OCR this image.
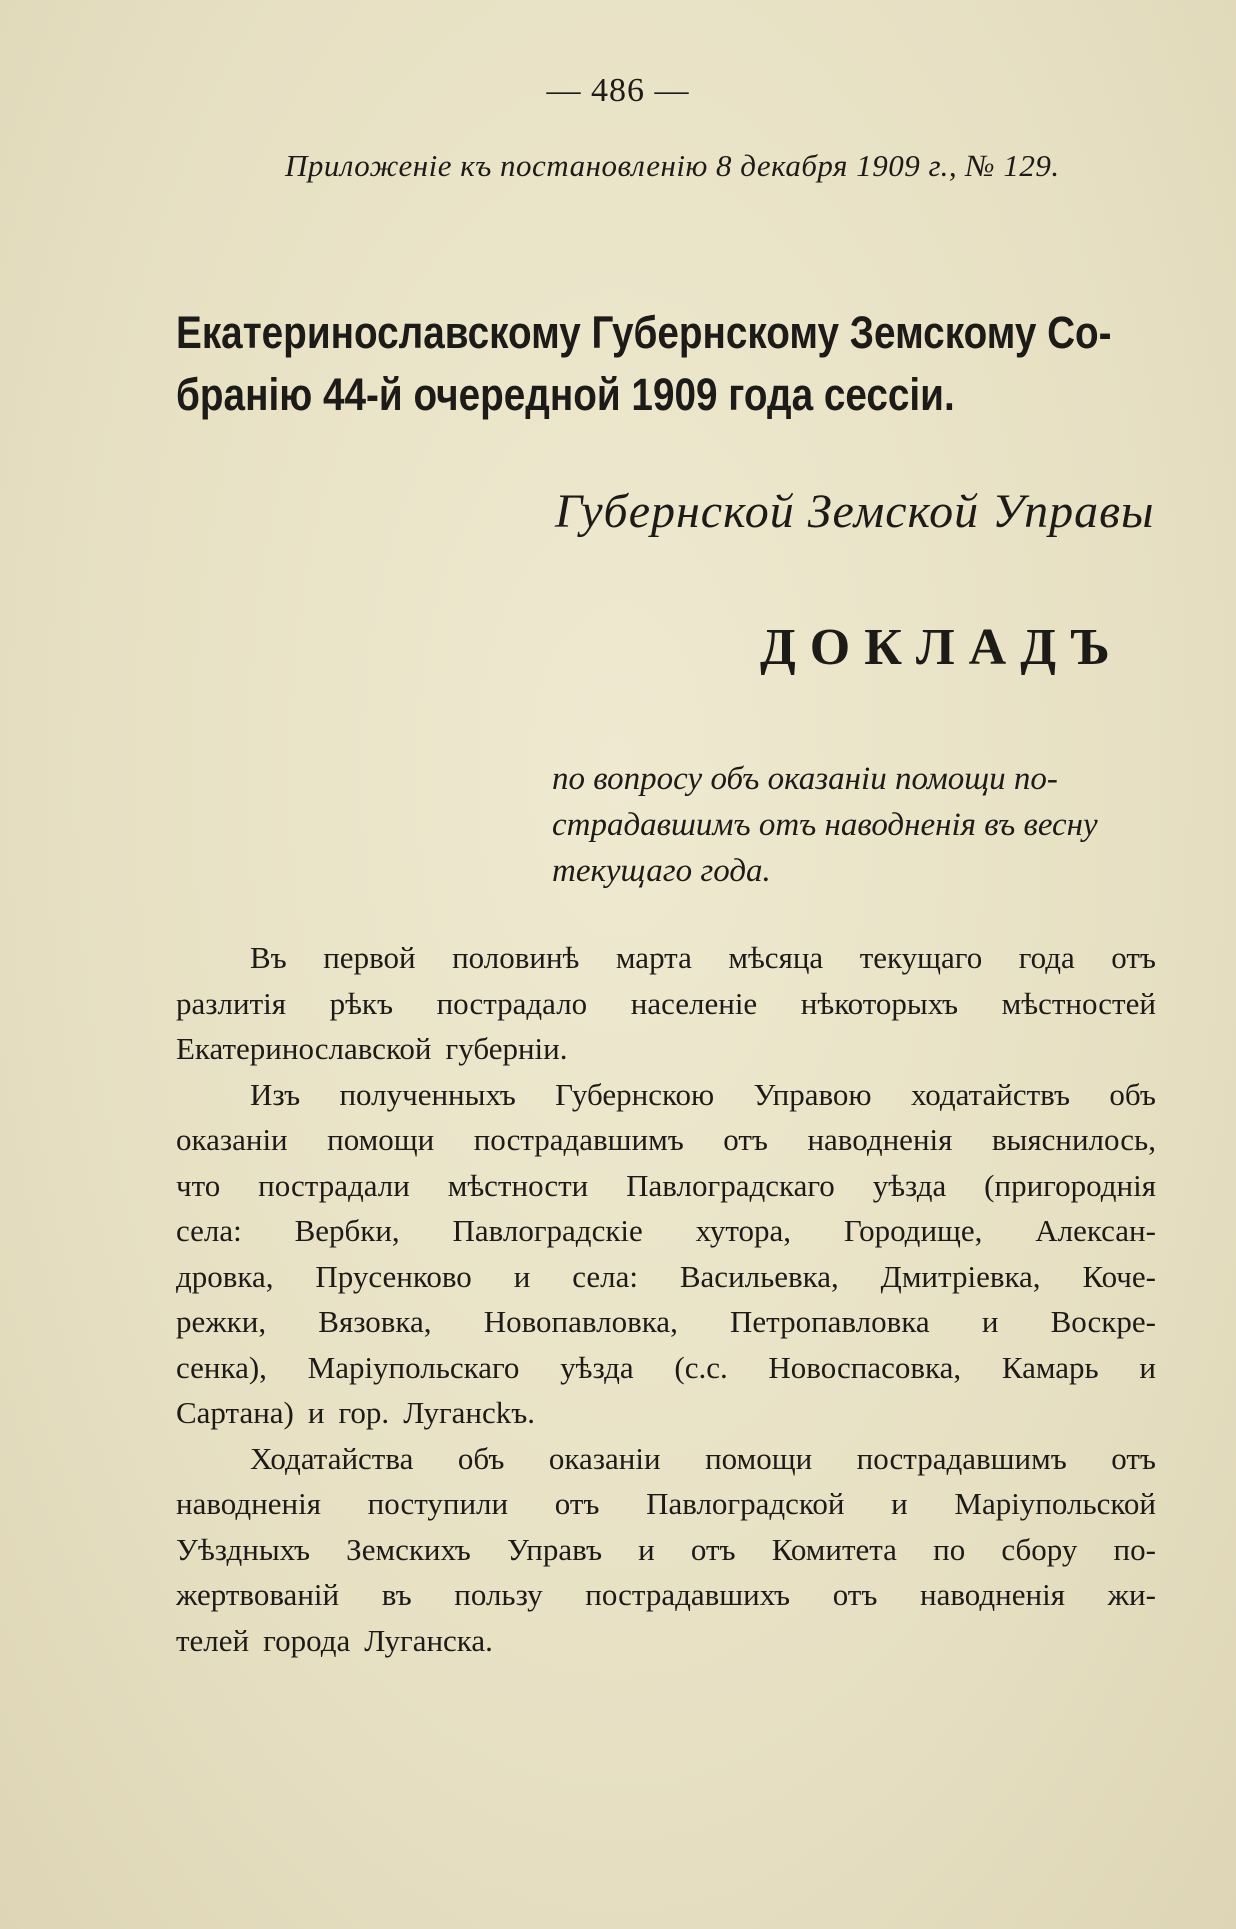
— 486 —
Приложеніе къ постановленію 8 декабря 1909 г., № 129.
Екатеринославскому Губернскому Земскому Со-
бранію 44-й очередной 1909 года сессіи.
Губернской Земской Управы
ДОКЛАДЪ
по вопросу объ оказаніи помощи по-
страдавшимъ отъ наводненія въ весну
текущаго года.
Въ первой половинѣ марта мѣсяца текущаго года отъ
разлитія рѣкъ пострадало населеніе нѣкоторыхъ мѣстностей
Екатеринославской губерніи.
Изъ полученныхъ Губернскою Управою ходатайствъ объ
оказаніи помощи пострадавшимъ отъ наводненія выяснилось,
что пострадали мѣстности Павлоградскаго уѣзда (пригороднія
села: Вербки, Павлоградскіе хутора, Городище, Алексан-
дровка, Прусенково и села: Васильевка, Дмитріевка, Коче-
режки, Вязовка, Новопавловка, Петропавловка и Воскре-
сенка), Маріупольскаго уѣзда (с.с. Новоспасовка, Камарь и
Сартана) и гор. Лугансkъ.
Ходатайства объ оказаніи помощи пострадавшимъ отъ
наводненія поступили отъ Павлоградской и Маріупольской
Уѣздныхъ Земскихъ Управъ и отъ Комитета по сбору по-
жертвованій въ пользу пострадавшихъ отъ наводненія жи-
телей города Луганска.
